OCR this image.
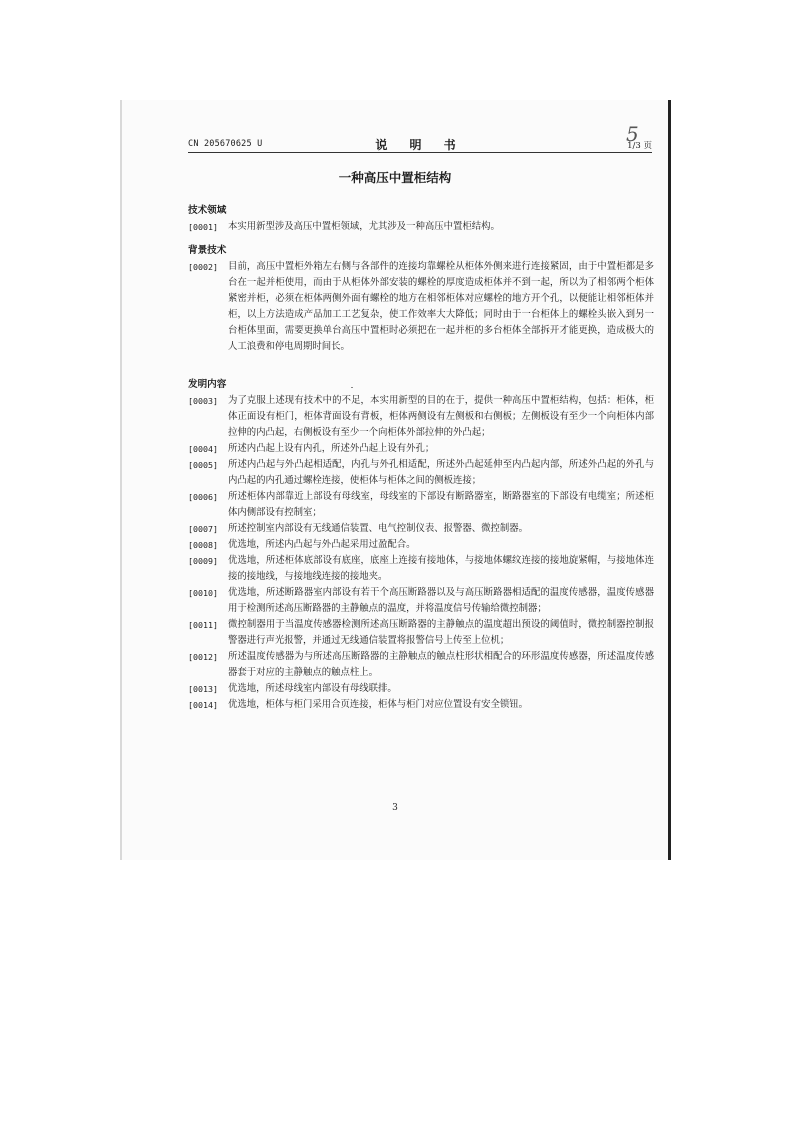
CN 205670625 U	说 明 书	1/3 页
5
一种高压中置柜结构

技术领域

[0001]	本实用新型涉及高压中置柜领域，尤其涉及一种高压中置柜结构。

背景技术

[0002]	目前，高压中置柜外箱左右侧与各部件的连接均靠螺栓从柜体外侧来进行连接紧固，由于中置柜都是多台在一起并柜使用，而由于从柜体外部安装的螺栓的厚度造成柜体并不到一起，所以为了相邻两个柜体紧密并柜，必须在柜体两侧外面有螺栓的地方在相邻柜体对应螺栓的地方开个孔，以便能让相邻柜体并柜，以上方法造成产品加工工艺复杂，使工作效率大大降低；同时由于一台柜体上的螺栓头嵌入到另一台柜体里面，需要更换单台高压中置柜时必须把在一起并柜的多台柜体全部拆开才能更换，造成极大的人工浪费和停电周期时间长。

发明内容

[0003]	为了克服上述现有技术中的不足，本实用新型的目的在于，提供一种高压中置柜结构，包括：柜体，柜体正面设有柜门，柜体背面设有背板，柜体两侧设有左侧板和右侧板；左侧板设有至少一个向柜体内部拉伸的内凸起，右侧板设有至少一个向柜体外部拉伸的外凸起；
[0004]	所述内凸起上设有内孔，所述外凸起上设有外孔；
[0005]	所述内凸起与外凸起相适配，内孔与外孔相适配，所述外凸起延伸至内凸起内部，所述外凸起的外孔与内凸起的内孔通过螺栓连接，使柜体与柜体之间的侧板连接；
[0006]	所述柜体内部靠近上部设有母线室，母线室的下部设有断路器室，断路器室的下部设有电缆室；所述柜体内侧部设有控制室；
[0007]	所述控制室内部设有无线通信装置、电气控制仪表、报警器、微控制器。
[0008]	优选地，所述内凸起与外凸起采用过盈配合。
[0009]	优选地，所述柜体底部设有底座，底座上连接有接地体，与接地体螺纹连接的接地旋紧帽，与接地体连接的接地线，与接地线连接的接地夹。
[0010]	优选地，所述断路器室内部设有若干个高压断路器以及与高压断路器相适配的温度传感器，温度传感器用于检测所述高压断路器的主静触点的温度，并将温度信号传输给微控制器；
[0011]	微控制器用于当温度传感器检测所述高压断路器的主静触点的温度超出预设的阈值时，微控制器控制报警器进行声光报警，并通过无线通信装置将报警信号上传至上位机；
[0012]	所述温度传感器为与所述高压断路器的主静触点的触点柱形状相配合的环形温度传感器，所述温度传感器套于对应的主静触点的触点柱上。
[0013]	优选地，所述母线室内部设有母线联排。
[0014]	优选地，柜体与柜门采用合页连接，柜体与柜门对应位置设有安全锁钮。
3
